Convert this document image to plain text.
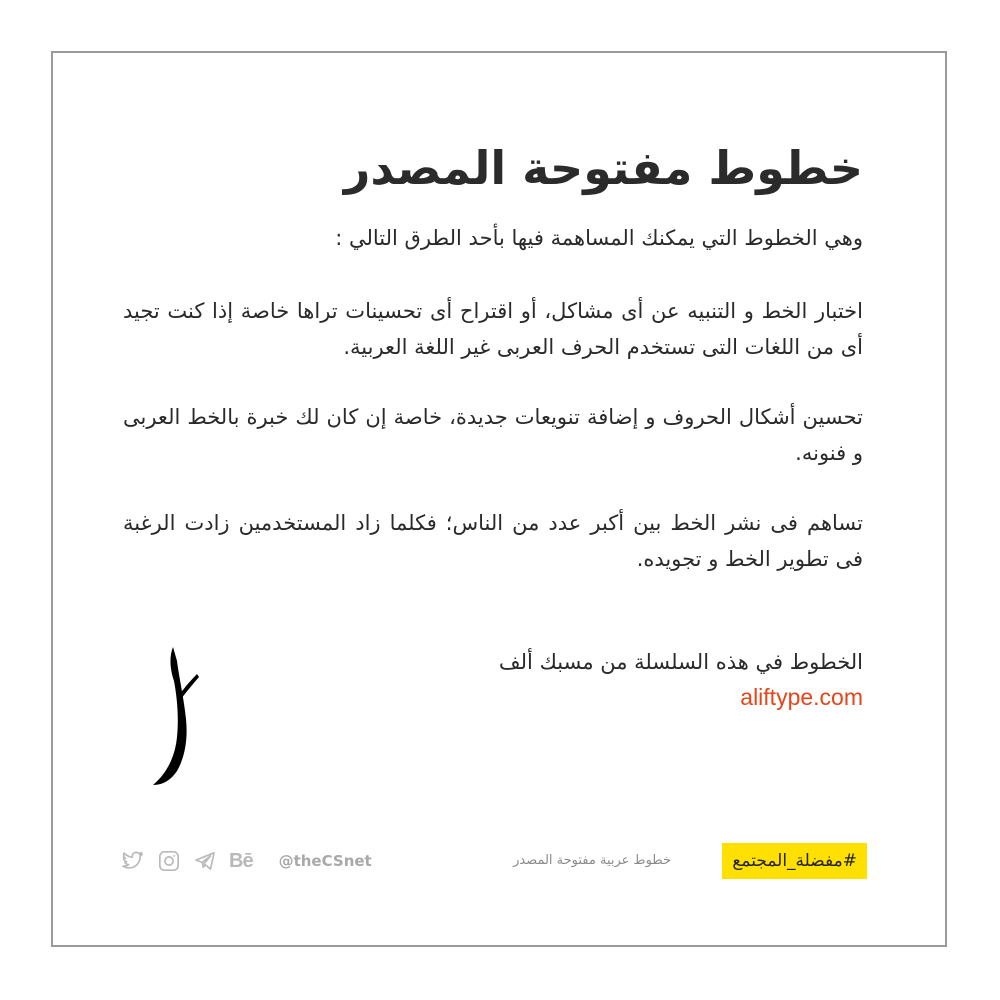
خطوط مفتوحة المصدر

وهي الخطوط التي يمكنك المساهمة فيها بأحد الطرق التالي :

اختبار الخط و التنبيه عن أى مشاكل، أو اقتراح أى تحسينات تراها خاصة إذا كنت تجيد أى من اللغات التى تستخدم الحرف العربى غير اللغة العربية.

تحسين أشكال الحروف و إضافة تنويعات جديدة، خاصة إن كان لك خبرة بالخط العربى و فنونه.

تساهم فى نشر الخط بين أكبر عدد من الناس؛ فكلما زاد المستخدمين زادت الرغبة فى تطوير الخط و تجويده.

الخطوط في هذه السلسلة من مسبك ألف
aliftype.com
Bē @theCSnet	خطوط عربية مفتوحة المصدر	#مفضلة_المجتمع
